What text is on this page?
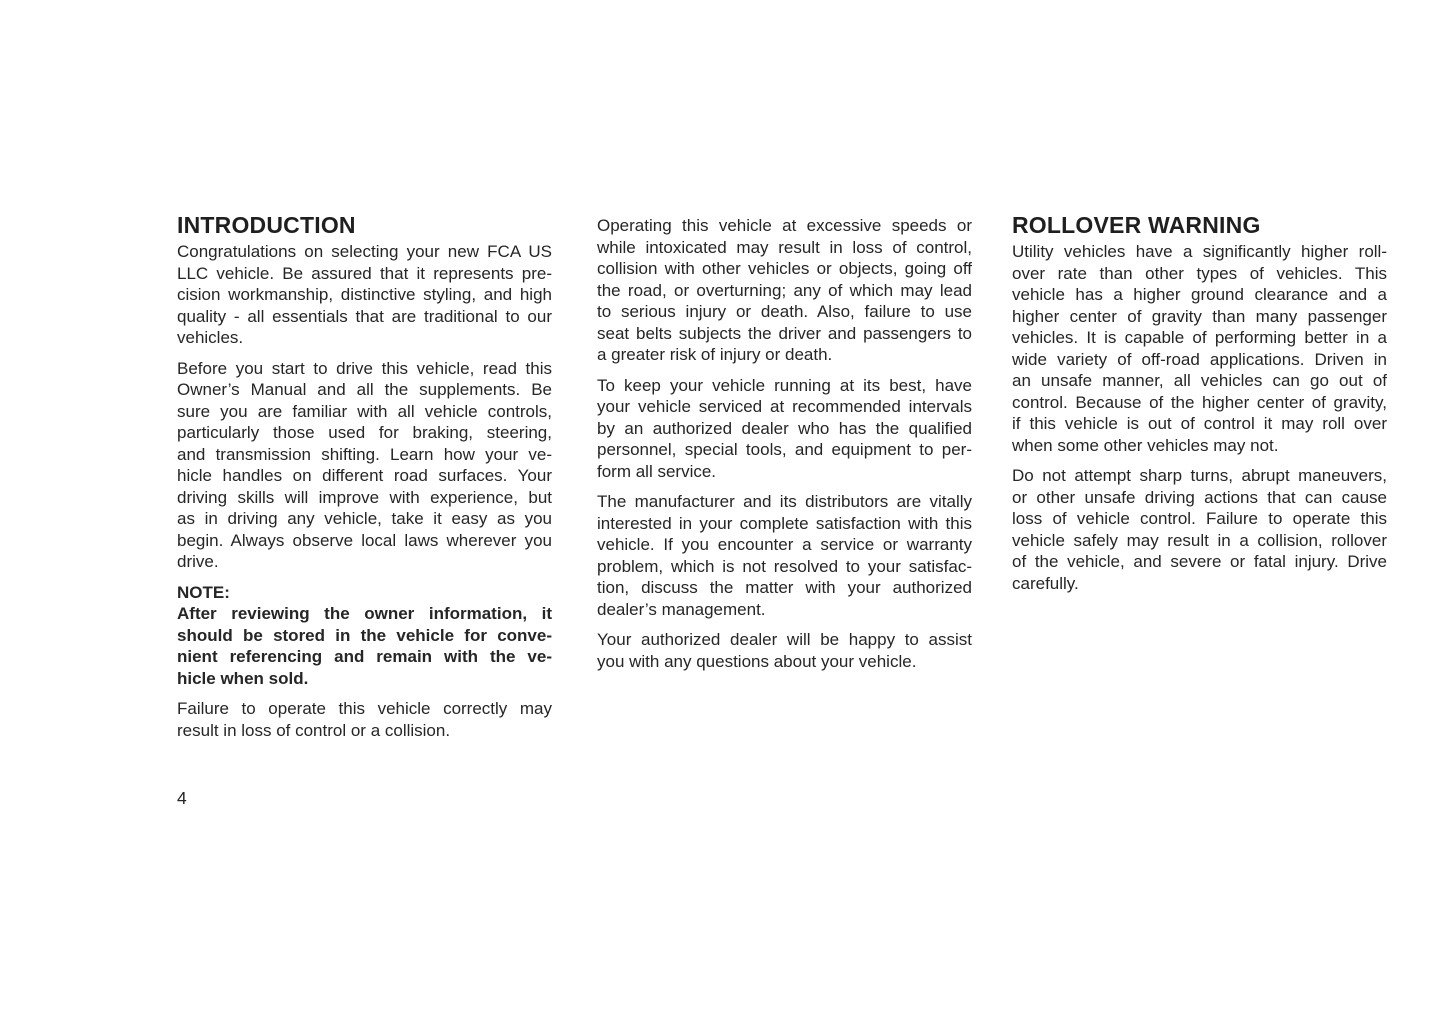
INTRODUCTION
Congratulations on selecting your new FCA US
LLC vehicle. Be assured that it represents pre-
cision workmanship, distinctive styling, and high
quality - all essentials that are traditional to our
vehicles.
Before you start to drive this vehicle, read this
Owner’s Manual and all the supplements. Be
sure you are familiar with all vehicle controls,
particularly those used for braking, steering,
and transmission shifting. Learn how your ve-
hicle handles on different road surfaces. Your
driving skills will improve with experience, but
as in driving any vehicle, take it easy as you
begin. Always observe local laws wherever you
drive.
NOTE:
After reviewing the owner information, it
should be stored in the vehicle for conve-
nient referencing and remain with the ve-
hicle when sold.
Failure to operate this vehicle correctly may
result in loss of control or a collision.
Operating this vehicle at excessive speeds or
while intoxicated may result in loss of control,
collision with other vehicles or objects, going off
the road, or overturning; any of which may lead
to serious injury or death. Also, failure to use
seat belts subjects the driver and passengers to
a greater risk of injury or death.
To keep your vehicle running at its best, have
your vehicle serviced at recommended intervals
by an authorized dealer who has the qualified
personnel, special tools, and equipment to per-
form all service.
The manufacturer and its distributors are vitally
interested in your complete satisfaction with this
vehicle. If you encounter a service or warranty
problem, which is not resolved to your satisfac-
tion, discuss the matter with your authorized
dealer’s management.
Your authorized dealer will be happy to assist
you with any questions about your vehicle.
ROLLOVER WARNING
Utility vehicles have a significantly higher roll-
over rate than other types of vehicles. This
vehicle has a higher ground clearance and a
higher center of gravity than many passenger
vehicles. It is capable of performing better in a
wide variety of off-road applications. Driven in
an unsafe manner, all vehicles can go out of
control. Because of the higher center of gravity,
if this vehicle is out of control it may roll over
when some other vehicles may not.
Do not attempt sharp turns, abrupt maneuvers,
or other unsafe driving actions that can cause
loss of vehicle control. Failure to operate this
vehicle safely may result in a collision, rollover
of the vehicle, and severe or fatal injury. Drive
carefully.
4
